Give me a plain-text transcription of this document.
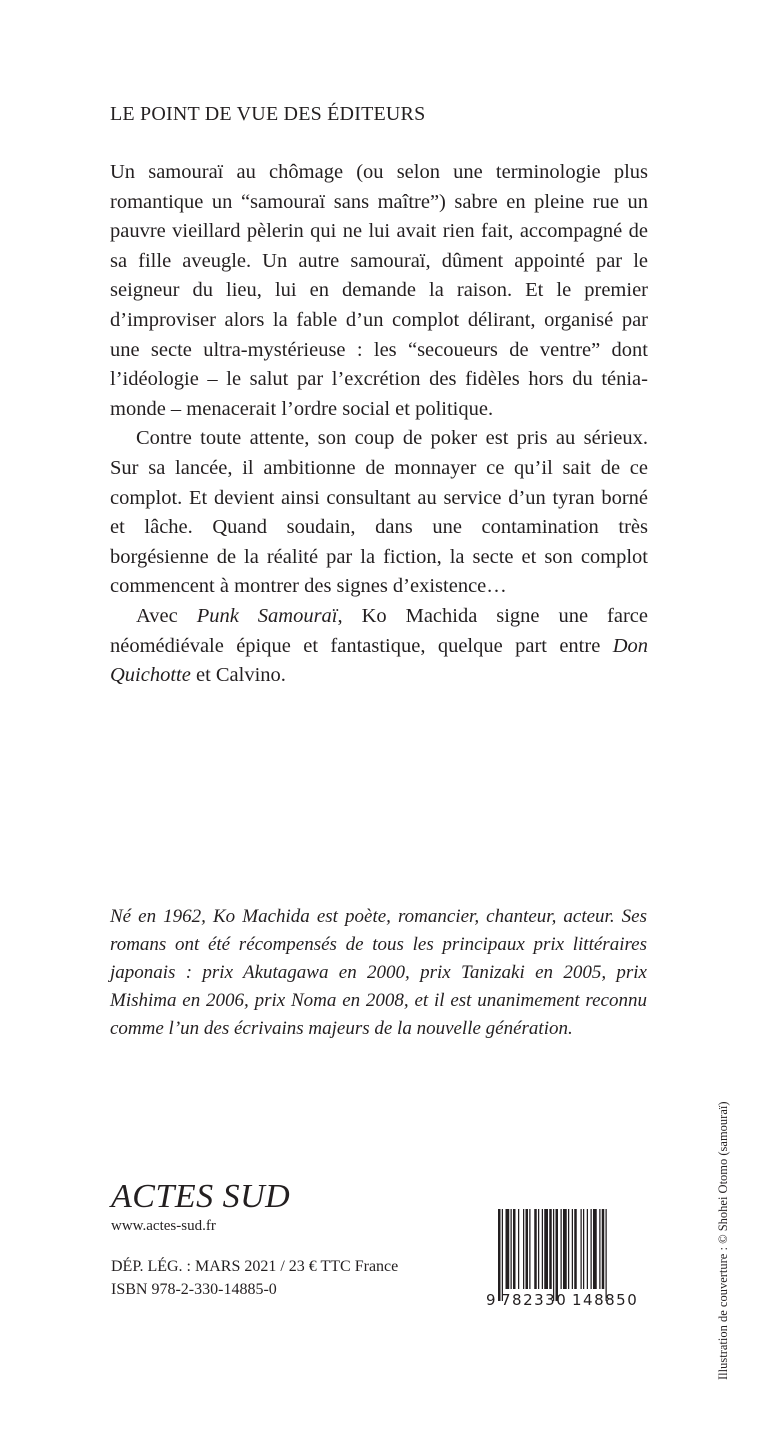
LE POINT DE VUE DES ÉDITEURS

Un samouraï au chômage (ou selon une terminologie plus romantique un “samouraï sans maître”) sabre en pleine rue un pauvre vieillard pèlerin qui ne lui avait rien fait, accompagné de sa fille aveugle. Un autre samouraï, dûment appointé par le seigneur du lieu, lui en demande la raison. Et le premier d’improviser alors la fable d’un complot délirant, organisé par une secte ultra-mystérieuse : les “secoueurs de ventre” dont l’idéologie – le salut par l’excrétion des fidèles hors du ténia-monde – menacerait l’ordre social et politique.

Contre toute attente, son coup de poker est pris au sérieux. Sur sa lancée, il ambitionne de monnayer ce qu’il sait de ce complot. Et devient ainsi consultant au service d’un tyran borné et lâche. Quand soudain, dans une contamination très borgésienne de la réalité par la fiction, la secte et son complot commencent à montrer des signes d’existence…

Avec Punk Samouraï, Ko Machida signe une farce néomédiévale épique et fantastique, quelque part entre Don Quichotte et Calvino.

Né en 1962, Ko Machida est poète, romancier, chanteur, acteur. Ses romans ont été récompensés de tous les principaux prix littéraires japonais : prix Akutagawa en 2000, prix Tanizaki en 2005, prix Mishima en 2006, prix Noma en 2008, et il est unanimement reconnu comme l’un des écrivains majeurs de la nouvelle génération.

ACTES SUD

www.actes-sud.fr

DÉP. LÉG. : MARS 2021 / 23 € TTC France
ISBN 978-2-330-14885-0
9 782330 148850	Illustration de couverture : © Shohei Otomo (samouraï)
